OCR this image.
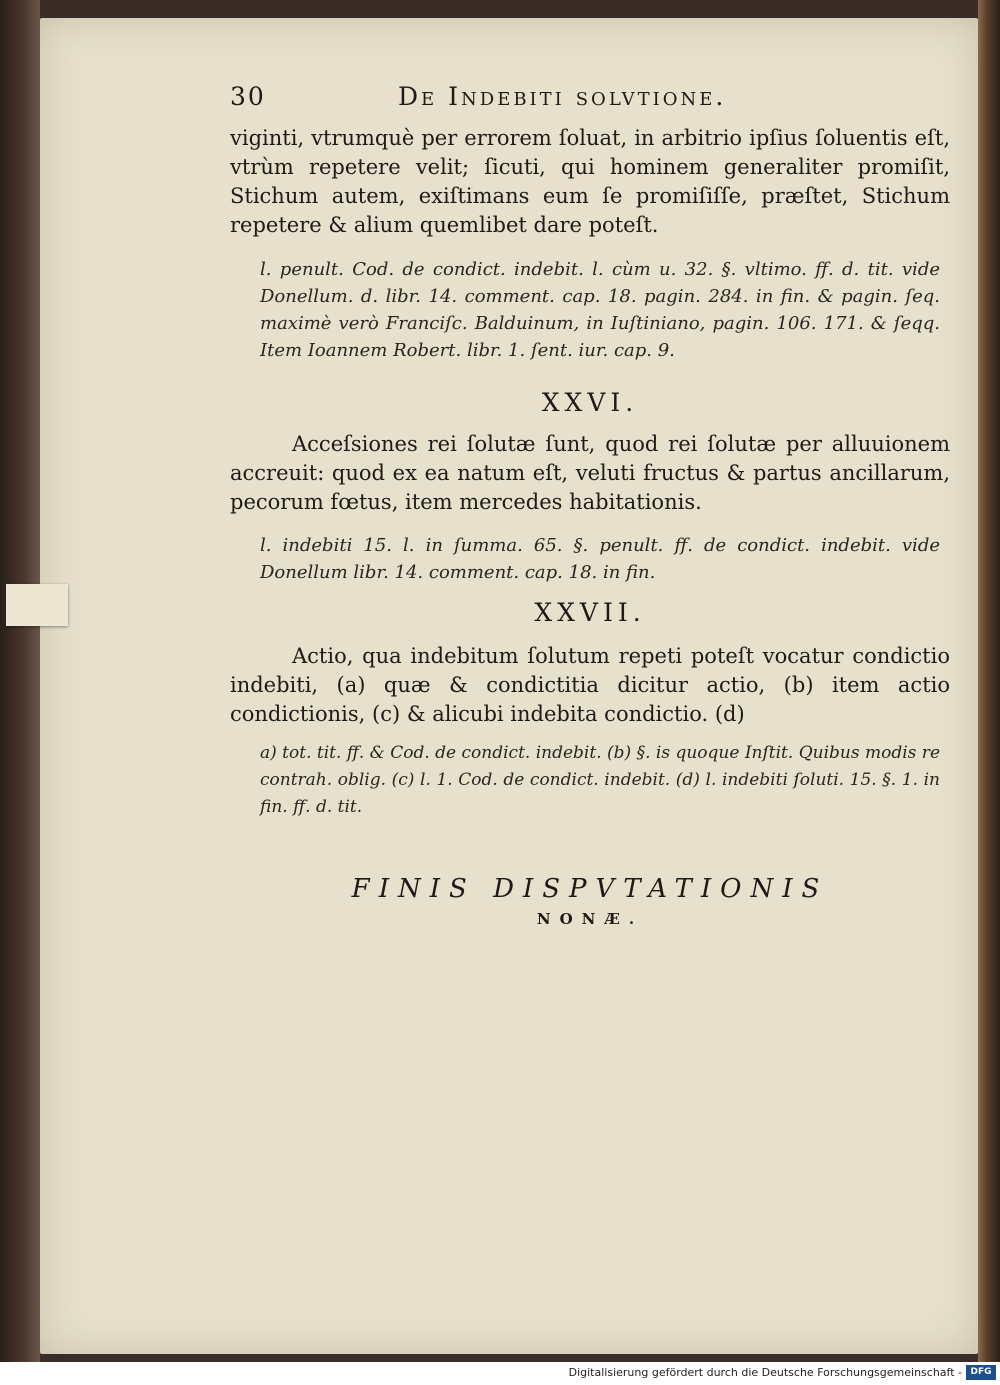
30	De Indebiti solvtione.

viginti, vtrumquè per errorem ſoluat, in arbitrio ipſius ſoluentis eſt, vtrùm repetere velit; ſicuti, qui hominem generaliter promiſit, Stichum autem, exiſtimans eum ſe promiſiſſe, præſtet, Stichum repetere & alium quemlibet dare poteſt.

l. penult. Cod. de condict. indebit. l. cùm u. 32. §. vltimo. ff. d. tit. vide Donellum. d. libr. 14. comment. cap. 18. pagin. 284. in fin. & pagin. ſeq. maximè verò Franciſc. Balduinum, in Iuſtiniano, pagin. 106. 171. & ſeqq. Item Ioannem Robert. libr. 1. ſent. iur. cap. 9.
XXVI.

Acceſsiones rei ſolutæ ſunt, quod rei ſolutæ per alluuionem accreuit: quod ex ea natum eſt, veluti fructus & partus ancillarum, pecorum fœtus, item mercedes habitationis.

l. indebiti 15. l. in ſumma. 65. §. penult. ff. de condict. indebit. vide Donellum libr. 14. comment. cap. 18. in fin.
XXVII.

Actio, qua indebitum ſolutum repeti poteſt vocatur condictio indebiti, (a) quæ & condictitia dicitur actio, (b) item actio condictionis, (c) & alicubi indebita condictio. (d)

a) tot. tit. ff. & Cod. de condict. indebit. (b) §. is quoque Inſtit. Quibus modis re contrah. oblig. (c) l. 1. Cod. de condict. indebit. (d) l. indebiti ſoluti. 15. §. 1. in fin. ff. d. tit.
FINIS DISPVTATIONIS
NONÆ.
Digitalisierung gefördert durch die Deutsche Forschungsgemeinschaft - DFG
